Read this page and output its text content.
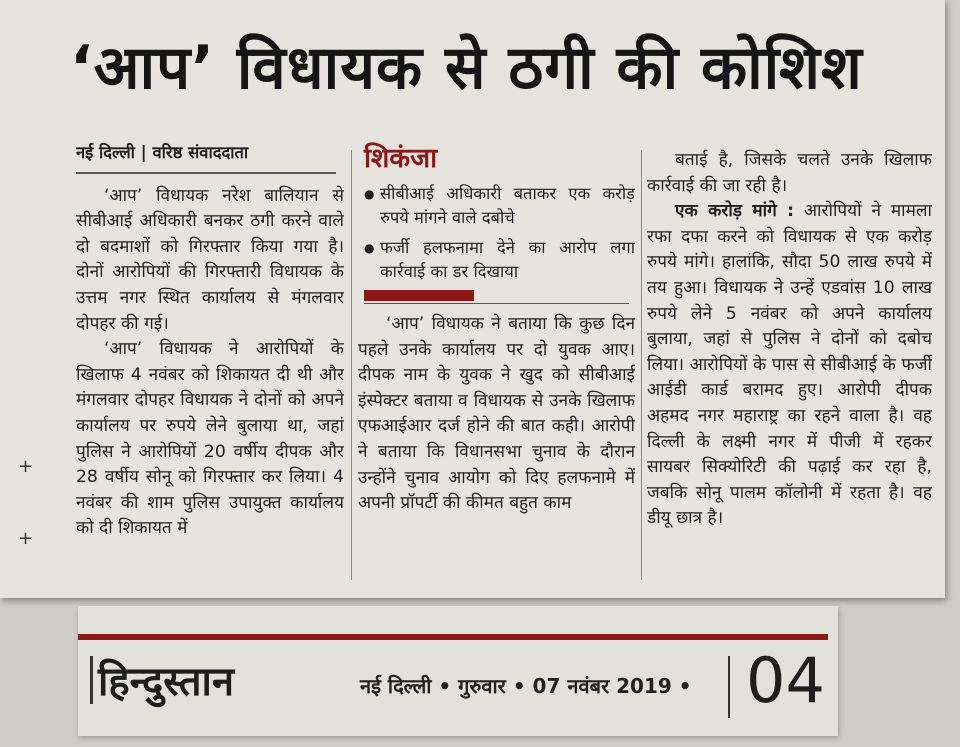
‘आप’ विधायक से ठगी की कोशिश
नई दिल्ली | वरिष्ठ संवाददाता

‘आप’ विधायक नरेश बालियान से सीबीआई अधिकारी बनकर ठगी करने वाले दो बदमाशों को गिरफ्तार किया गया है। दोनों आरोपियों की गिरफ्तारी विधायक के उत्तम नगर स्थित कार्यालय से मंगलवार दोपहर की गई।

‘आप’ विधायक ने आरोपियों के खिलाफ 4 नवंबर को शिकायत दी थी और मंगलवार दोपहर विधायक ने दोनों को अपने कार्यालय पर रुपये लेने बुलाया था, जहां पुलिस ने आरोपियों 20 वर्षीय दीपक और 28 वर्षीय सोनू को गिरफ्तार कर लिया। 4 नवंबर की शाम पुलिस उपायुक्त कार्यालय को दी शिकायत में

शिकंजा
● सीबीआई अधिकारी बताकर एक करोड़ रुपये मांगने वाले दबोचे
● फर्जी हलफनामा देने का आरोप लगा कार्रवाई का डर दिखाया

‘आप’ विधायक ने बताया कि कुछ दिन पहले उनके कार्यालय पर दो युवक आए। दीपक नाम के युवक ने खुद को सीबीआई इंस्पेक्टर बताया व विधायक से उनके खिलाफ एफआईआर दर्ज होने की बात कही। आरोपी ने बताया कि विधानसभा चुनाव के दौरान उन्होंने चुनाव आयोग को दिए हलफनामे में अपनी प्रॉपर्टी की कीमत बहुत काम

बताई है, जिसके चलते उनके खिलाफ कार्रवाई की जा रही है।

एक करोड़ मांगे : आरोपियों ने मामला रफा दफा करने को विधायक से एक करोड़ रुपये मांगे। हालांकि, सौदा 50 लाख रुपये में तय हुआ। विधायक ने उन्हें एडवांस 10 लाख रुपये लेने 5 नवंबर को अपने कार्यालय बुलाया, जहां से पुलिस ने दोनों को दबोच लिया। आरोपियों के पास से सीबीआई के फर्जी आईडी कार्ड बरामद हुए। आरोपी दीपक अहमद नगर महाराष्ट्र का रहने वाला है। वह दिल्ली के लक्ष्मी नगर में पीजी में रहकर सायबर सिक्योरिटी की पढ़ाई कर रहा है, जबकि सोनू पालम कॉलोनी में रहता है। वह डीयू छात्र है।

+
+
हिन्दुस्तान	नई दिल्ली • गुरुवार • 07 नवंबर 2019 • 04
